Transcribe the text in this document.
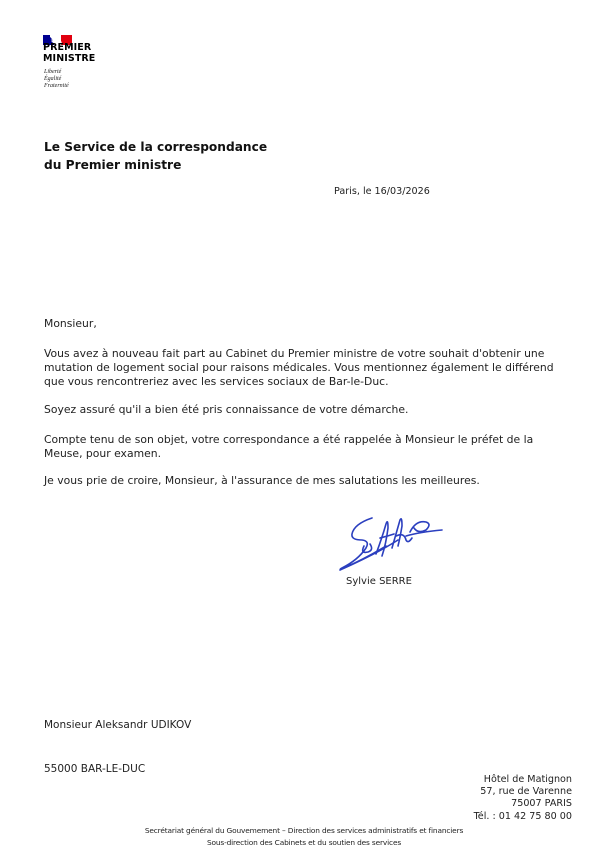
PREMIER
MINISTRE
Liberté
Égalité
Fraternité
Le Service de la correspondance
du Premier ministre
Paris, le 16/03/2026
Monsieur,

Vous avez à nouveau fait part au Cabinet du Premier ministre de votre souhait d'obtenir une mutation de logement social pour raisons médicales. Vous mentionnez également le différend que vous rencontreriez avec les services sociaux de Bar-le-Duc.

Soyez assuré qu'il a bien été pris connaissance de votre démarche.

Compte tenu de son objet, votre correspondance a été rappelée à Monsieur le préfet de la Meuse, pour examen.

Je vous prie de croire, Monsieur, à l'assurance de mes salutations les meilleures.

Sylvie SERRE
Monsieur Aleksandr UDIKOV
55000 BAR-LE-DUC
Hôtel de Matignon
57, rue de Varenne
75007 PARIS
Tél. : 01 42 75 80 00
Secrétariat général du Gouvemement – Direction des services administratifs et financiers
Sous-direction des Cabinets et du soutien des services
